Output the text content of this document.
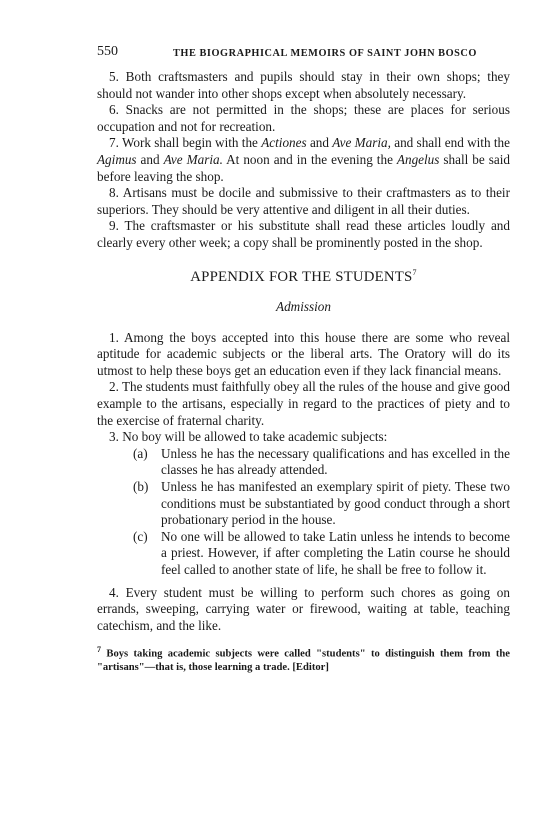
550	THE BIOGRAPHICAL MEMOIRS OF SAINT JOHN BOSCO

5. Both craftsmasters and pupils should stay in their own shops; they should not wander into other shops except when absolutely necessary.

6. Snacks are not permitted in the shops; these are places for serious occupation and not for recreation.

7. Work shall begin with the Actiones and Ave Maria, and shall end with the Agimus and Ave Maria. At noon and in the evening the Angelus shall be said before leaving the shop.

8. Artisans must be docile and submissive to their craftmasters as to their superiors. They should be very attentive and diligent in all their duties.

9. The craftsmaster or his substitute shall read these articles loudly and clearly every other week; a copy shall be prominently posted in the shop.

APPENDIX FOR THE STUDENTS$^7$
Admission

1. Among the boys accepted into this house there are some who reveal aptitude for academic subjects or the liberal arts. The Oratory will do its utmost to help these boys get an education even if they lack financial means.

2. The students must faithfully obey all the rules of the house and give good example to the artisans, especially in regard to the practices of piety and to the exercise of fraternal charity.

3. No boy will be allowed to take academic subjects:

(a) Unless he has the necessary qualifications and has excelled in the classes he has already attended.
(b) Unless he has manifested an exemplary spirit of piety. These two conditions must be substantiated by good conduct through a short probationary period in the house.
(c) No one will be allowed to take Latin unless he intends to become a priest. However, if after completing the Latin course he should feel called to another state of life, he shall be free to follow it.

4. Every student must be willing to perform such chores as going on errands, sweeping, carrying water or firewood, waiting at table, teaching catechism, and the like.

$^7$ Boys taking academic subjects were called "students" to distinguish them from the "artisans"—that is, those learning a trade. [Editor]
